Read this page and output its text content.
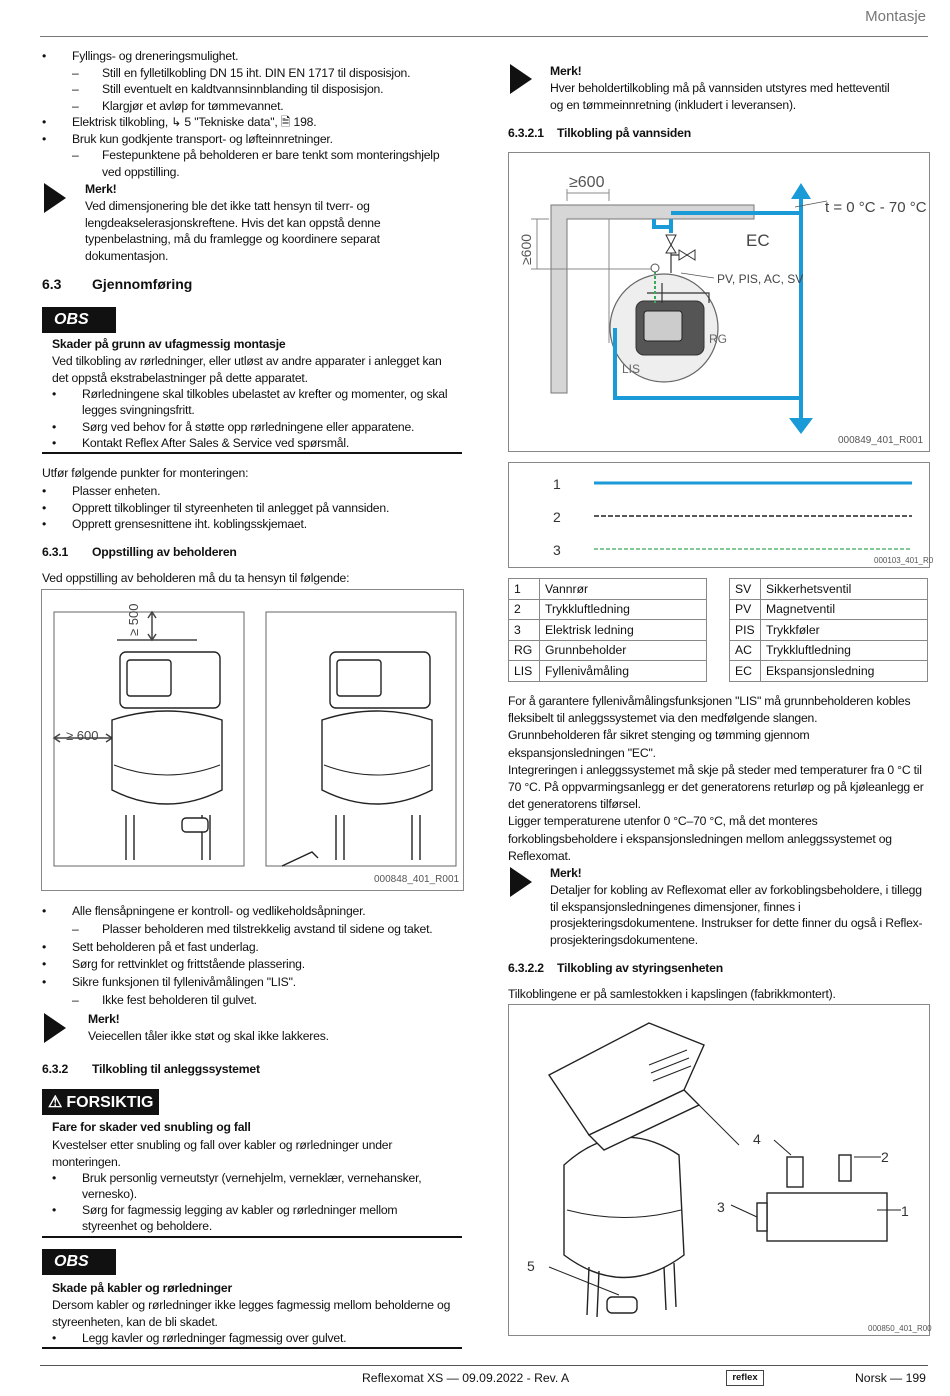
Montasje
• Fyllings- og dreneringsmulighet.
– Still en fylletilkobling DN 15 iht. DIN EN 1717 til disposisjon.
– Still eventuelt en kaldtvannsinnblanding til disposisjon.
– Klargjør et avløp for tømmevannet.
• Elektrisk tilkobling, ↳ 5 "Tekniske data", 🗎 198.
• Bruk kun godkjente transport- og løfteinnretninger.
– Festepunktene på beholderen er bare tenkt som monteringshjelp
ved oppstilling.
Merk!
Ved dimensjonering ble det ikke tatt hensyn til tverr- og
lengdeakselerasjonskreftene. Hvis det kan oppstå denne
typenbelastning, må du framlegge og koordinere separat
dokumentasjon.
6.3 Gjennomføring
OBS
Skader på grunn av ufagmessig montasje
Ved tilkobling av rørledninger, eller utløst av andre apparater i anlegget kan
det oppstå ekstrabelastninger på dette apparatet.
• Rørledningene skal tilkobles ubelastet av krefter og momenter, og skal
legges svingningsfritt.
• Sørg ved behov for å støtte opp rørledningene eller apparatene.
• Kontakt Reflex After Sales & Service ved spørsmål.
Utfør følgende punkter for monteringen:
• Plasser enheten.
• Opprett tilkoblinger til styreenheten til anlegget på vannsiden.
• Opprett grensesnittene iht. koblingsskjemaet.
6.3.1 Oppstilling av beholderen
Ved oppstilling av beholderen må du ta hensyn til følgende:
≥ 500
≥ 600
000848_401_R001
• Alle flensåpningene er kontroll- og vedlikeholdsåpninger.
– Plasser beholderen med tilstrekkelig avstand til sidene og taket.
• Sett beholderen på et fast underlag.
• Sørg for rettvinklet og frittstående plassering.
• Sikre funksjonen til fyllenivåmålingen "LIS".
– Ikke fest beholderen til gulvet.
Merk!
Veiecellen tåler ikke støt og skal ikke lakkeres.
6.3.2 Tilkobling til anleggssystemet
⚠ FORSIKTIG
Fare for skader ved snubling og fall
Kvestelser etter snubling og fall over kabler og rørledninger under
monteringen.
• Bruk personlig verneutstyr (vernehjelm, verneklær, vernehansker,
vernesko).
• Sørg for fagmessig legging av kabler og rørledninger mellom
styreenhet og beholdere.
OBS
Skade på kabler og rørledninger
Dersom kabler og rørledninger ikke legges fagmessig mellom beholderne og
styreenheten, kan de bli skadet.
• Legg kavler og rørledninger fagmessig over gulvet.
Merk!
Hver beholdertilkobling må på vannsiden utstyres med hetteventil
og en tømmeinnretning (inkludert i leveransen).
6.3.2.1 Tilkobling på vannsiden
≥600
≥600
t = 0 °C - 70 °C
EC
PV, PIS, AC, SV
RG
LIS
000849_401_R001
1
2
3
000103_401_R0
1	Vannrør
2	Trykkluftledning
3	Elektrisk ledning
RG	Grunnbeholder
LIS	Fyllenivåmåling
SV	Sikkerhetsventil
PV	Magnetventil
PIS	Trykkføler
AC	Trykkluftledning
EC	Ekspansjonsledning
For å garantere fyllenivåmålingsfunksjonen "LIS" må grunnbeholderen kobles
fleksibelt til anleggssystemet via den medfølgende slangen.
Grunnbeholderen får sikret stenging og tømming gjennom
ekspansjonsledningen "EC".
Integreringen i anleggssystemet må skje på steder med temperaturer fra 0 °C til
70 °C. På oppvarmingsanlegg er det generatorens returløp og på kjøleanlegg er
det generatorens tilførsel.
Ligger temperaturene utenfor 0 °C–70 °C, må det monteres
forkoblingsbeholdere i ekspansjonsledningen mellom anleggssystemet og
Reflexomat.
Merk!
Detaljer for kobling av Reflexomat eller av forkoblingsbeholdere, i tillegg
til ekspansjonsledningenes dimensjoner, finnes i
prosjekteringsdokumentene. Instrukser for dette finner du også i Reflex-
prosjekteringsdokumentene.
6.3.2.2 Tilkobling av styringsenheten
Tilkoblingene er på samlestokken i kapslingen (fabrikkmontert).
4
2
3	1
5
000850_401_R00
Reflexomat XS — 09.09.2022 - Rev. A	reflex	Norsk — 199
